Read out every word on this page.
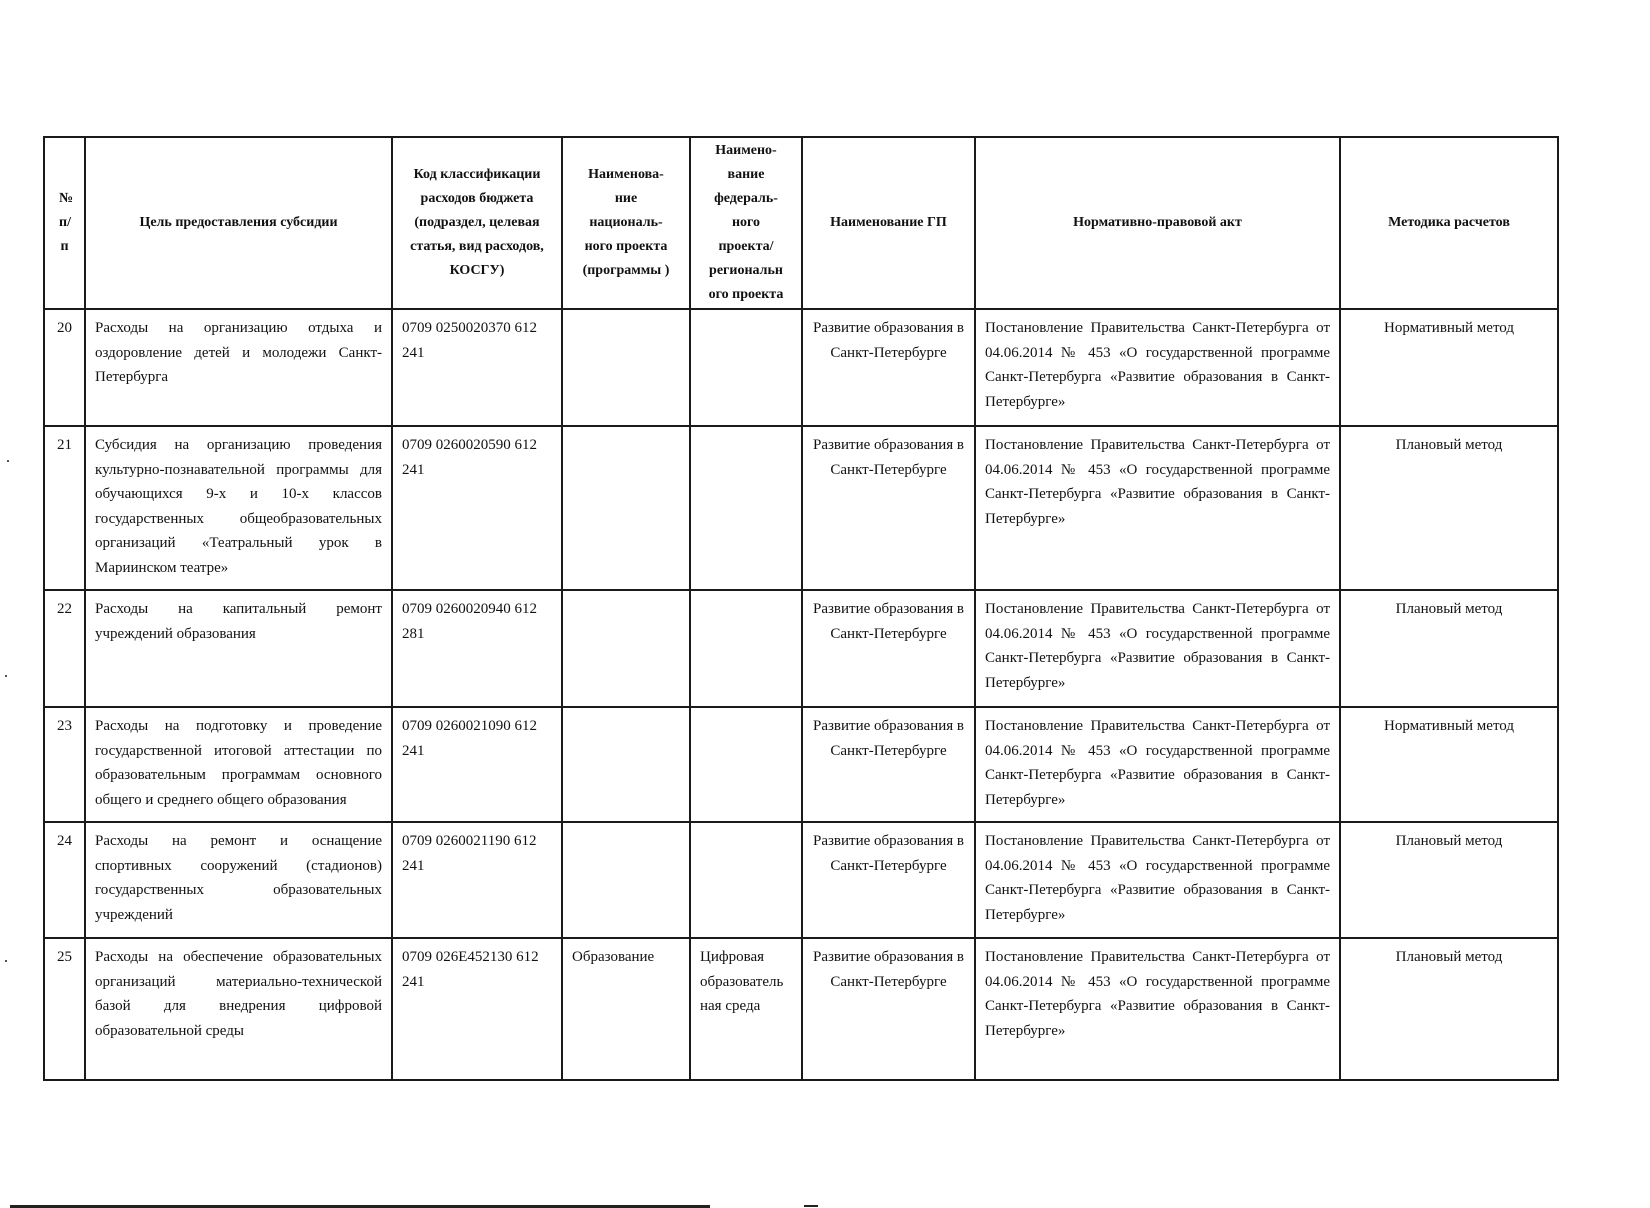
№ п/ п	Цель предоставления субсидии	Код классификации расходов бюджета (подраздел, целевая статья, вид расходов, КОСГУ)	Наименова-ние националь-ного проекта (программы )	Наимено-вание федераль-ного проекта/ региональн ого проекта	Наименование ГП	Нормативно-правовой акт	Методика расчетов
20	Расходы на организацию отдыха и оздоровление детей и молодежи Санкт-Петербурга	0709 0250020370 612 241			Развитие образования в Санкт-Петербурге	Постановление Правительства Санкт-Петербурга от 04.06.2014 № 453 «О государственной программе Санкт-Петербурга «Развитие образования в Санкт-Петербурге»	Нормативный метод
21	Субсидия на организацию проведения культурно-познавательной программы для обучающихся 9-х и 10-х классов государственных общеобразовательных организаций «Театральный урок в Мариинском театре»	0709 0260020590 612 241			Развитие образования в Санкт-Петербурге	Постановление Правительства Санкт-Петербурга от 04.06.2014 № 453 «О государственной программе Санкт-Петербурга «Развитие образования в Санкт-Петербурге»	Плановый метод
22	Расходы на капитальный ремонт учреждений образования	0709 0260020940 612 281			Развитие образования в Санкт-Петербурге	Постановление Правительства Санкт-Петербурга от 04.06.2014 № 453 «О государственной программе Санкт-Петербурга «Развитие образования в Санкт-Петербурге»	Плановый метод
23	Расходы на подготовку и проведение государственной итоговой аттестации по образовательным программам основного общего и среднего общего образования	0709 0260021090 612 241			Развитие образования в Санкт-Петербурге	Постановление Правительства Санкт-Петербурга от 04.06.2014 № 453 «О государственной программе Санкт-Петербурга «Развитие образования в Санкт-Петербурге»	Нормативный метод
24	Расходы на ремонт и оснащение спортивных сооружений (стадионов) государственных образовательных учреждений	0709 0260021190 612 241			Развитие образования в Санкт-Петербурге	Постановление Правительства Санкт-Петербурга от 04.06.2014 № 453 «О государственной программе Санкт-Петербурга «Развитие образования в Санкт-Петербурге»	Плановый метод
25	Расходы на обеспечение образовательных организаций материально-технической базой для внедрения цифровой образовательной среды	0709 026E452130 612 241	Образование	Цифровая образователь ная среда	Развитие образования в Санкт-Петербурге	Постановление Правительства Санкт-Петербурга от 04.06.2014 № 453 «О государственной программе Санкт-Петербурга «Развитие образования в Санкт-Петербурге»	Плановый метод
